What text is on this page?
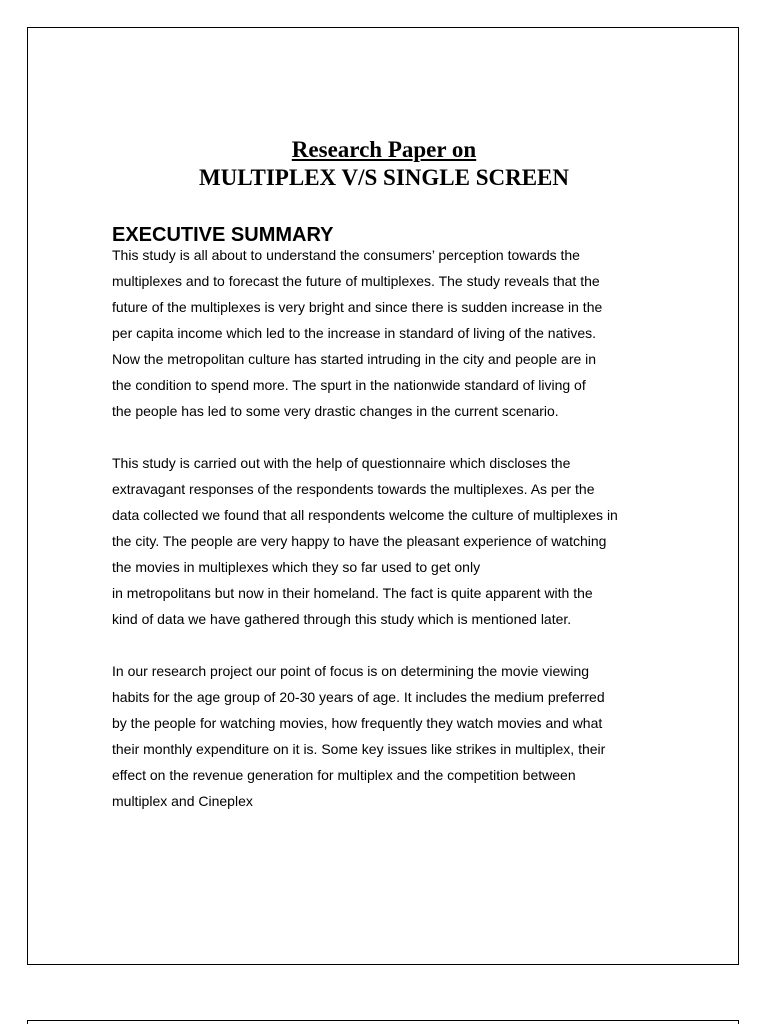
Research Paper on
MULTIPLEX V/S SINGLE SCREEN
EXECUTIVE SUMMARY
This study is all about to understand the consumers’ perception towards the
multiplexes and to forecast the future of multiplexes. The study reveals that the
future of the multiplexes is very bright and since there is sudden increase in the
per capita income which led to the increase in standard of living of the natives.
Now the metropolitan culture has started intruding in the city and people are in
the condition to spend more. The spurt in the nationwide standard of living of
the people has led to some very drastic changes in the current scenario.
This study is carried out with the help of questionnaire which discloses the
extravagant responses of the respondents towards the multiplexes. As per the
data collected we found that all respondents welcome the culture of multiplexes in
the city. The people are very happy to have the pleasant experience of watching
the movies in multiplexes which they so far used to get only
in metropolitans but now in their homeland. The fact is quite apparent with the
kind of data we have gathered through this study which is mentioned later.
In our research project our point of focus is on determining the movie viewing
habits for the age group of 20-30 years of age. It includes the medium preferred
by the people for watching movies, how frequently they watch movies and what
their monthly expenditure on it is. Some key issues like strikes in multiplex, their
effect on the revenue generation for multiplex and the competition between
multiplex and Cineplex
